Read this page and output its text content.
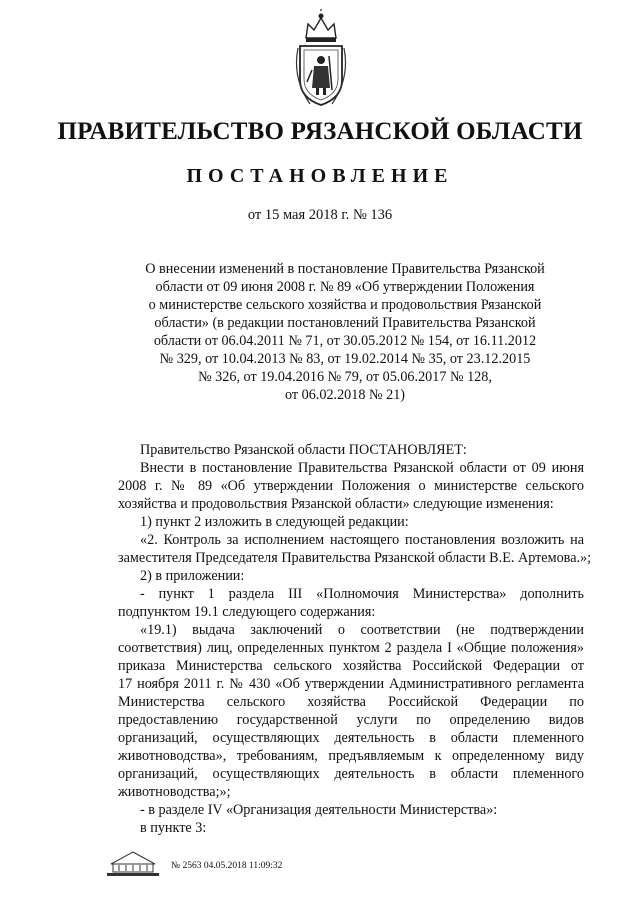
ПРАВИТЕЛЬСТВО РЯЗАНСКОЙ ОБЛАСТИ
ПОСТАНОВЛЕНИЕ
от 15 мая 2018 г. № 136
О внесении изменений в постановление Правительства Рязанской
области от 09 июня 2008 г. № 89 «Об утверждении Положения
о министерстве сельского хозяйства и продовольствия Рязанской
области» (в редакции постановлений Правительства Рязанской
области от 06.04.2011 № 71, от 30.05.2012 № 154, от 16.11.2012
№ 329, от 10.04.2013 № 83, от 19.02.2014 № 35, от 23.12.2015
№ 326, от 19.04.2016 № 79, от 05.06.2017 № 128,
от 06.02.2018 № 21)
Правительство Рязанской области ПОСТАНОВЛЯЕТ:
Внести в постановление Правительства Рязанской области от 09 июня
2008 г. № 89 «Об утверждении Положения о министерстве сельского
хозяйства и продовольствия Рязанской области» следующие изменения:
1) пункт 2 изложить в следующей редакции:
«2. Контроль за исполнением настоящего постановления возложить на
заместителя Председателя Правительства Рязанской области В.Е. Артемова.»;
2) в приложении:
- пункт 1 раздела III «Полномочия Министерства» дополнить
подпунктом 19.1 следующего содержания:
«19.1) выдача заключений о соответствии (не подтверждении
соответствия) лиц, определенных пунктом 2 раздела I «Общие положения»
приказа Министерства сельского хозяйства Российской Федерации от
17 ноября 2011 г. № 430 «Об утверждении Административного регламента
Министерства сельского хозяйства Российской Федерации по
предоставлению государственной услуги по определению видов
организаций, осуществляющих деятельность в области племенного
животноводства», требованиям, предъявляемым к определенному виду
организаций, осуществляющих деятельность в области племенного
животноводства;»;
- в разделе IV «Организация деятельности Министерства»:
в пункте 3:
№ 2563 04.05.2018 11:09:32
